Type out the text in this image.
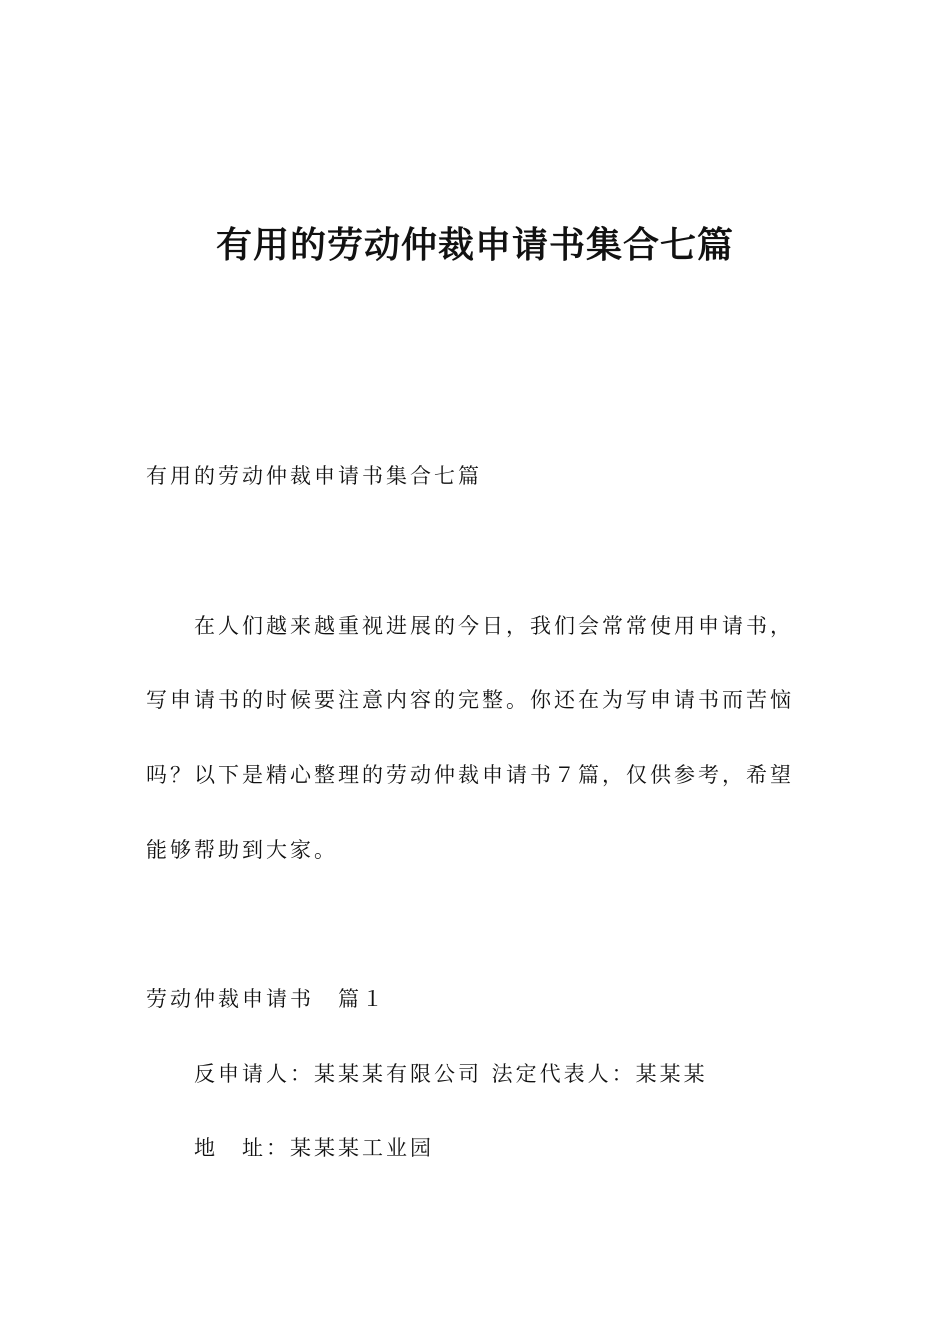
有用的劳动仲裁申请书集合七篇

有用的劳动仲裁申请书集合七篇

在人们越来越重视进展的今日，我们会常常使用申请书，

写申请书的时候要注意内容的完整。你还在为写申请书而苦恼

吗？以下是精心整理的劳动仲裁申请书７篇，仅供参考，希望

能够帮助到大家。

劳动仲裁申请书　篇１

反申请人：某某某有限公司 法定代表人：某某某

地　址：某某某工业园
